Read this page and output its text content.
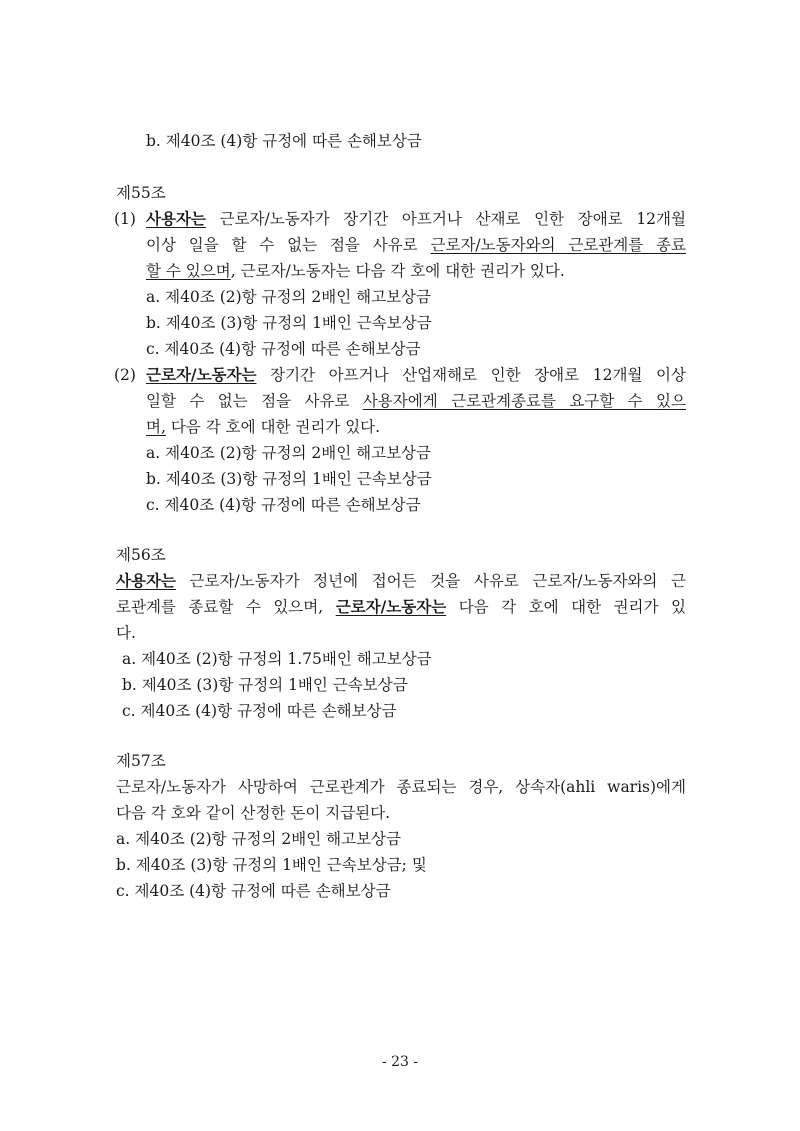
b. 제40조 (4)항 규정에 따른 손해보상금
제55조
(1) 사용자는 근로자/노동자가 장기간 아프거나 산재로 인한 장애로 12개월
이상 일을 할 수 없는 점을 사유로 근로자/노동자와의 근로관계를 종료
할 수 있으며, 근로자/노동자는 다음 각 호에 대한 권리가 있다.
a. 제40조 (2)항 규정의 2배인 해고보상금
b. 제40조 (3)항 규정의 1배인 근속보상금
c. 제40조 (4)항 규정에 따른 손해보상금
(2) 근로자/노동자는 장기간 아프거나 산업재해로 인한 장애로 12개월 이상
일할 수 없는 점을 사유로 사용자에게 근로관계종료를 요구할 수 있으
며, 다음 각 호에 대한 권리가 있다.
a. 제40조 (2)항 규정의 2배인 해고보상금
b. 제40조 (3)항 규정의 1배인 근속보상금
c. 제40조 (4)항 규정에 따른 손해보상금
제56조
사용자는 근로자/노동자가 정년에 접어든 것을 사유로 근로자/노동자와의 근
로관계를 종료할 수 있으며, 근로자/노동자는 다음 각 호에 대한 권리가 있
다.
a. 제40조 (2)항 규정의 1.75배인 해고보상금
b. 제40조 (3)항 규정의 1배인 근속보상금
c. 제40조 (4)항 규정에 따른 손해보상금
제57조
근로자/노동자가 사망하여 근로관계가 종료되는 경우, 상속자(ahli waris)에게
다음 각 호와 같이 산정한 돈이 지급된다.
a. 제40조 (2)항 규정의 2배인 해고보상금
b. 제40조 (3)항 규정의 1배인 근속보상금; 및
c. 제40조 (4)항 규정에 따른 손해보상금
- 23 -
